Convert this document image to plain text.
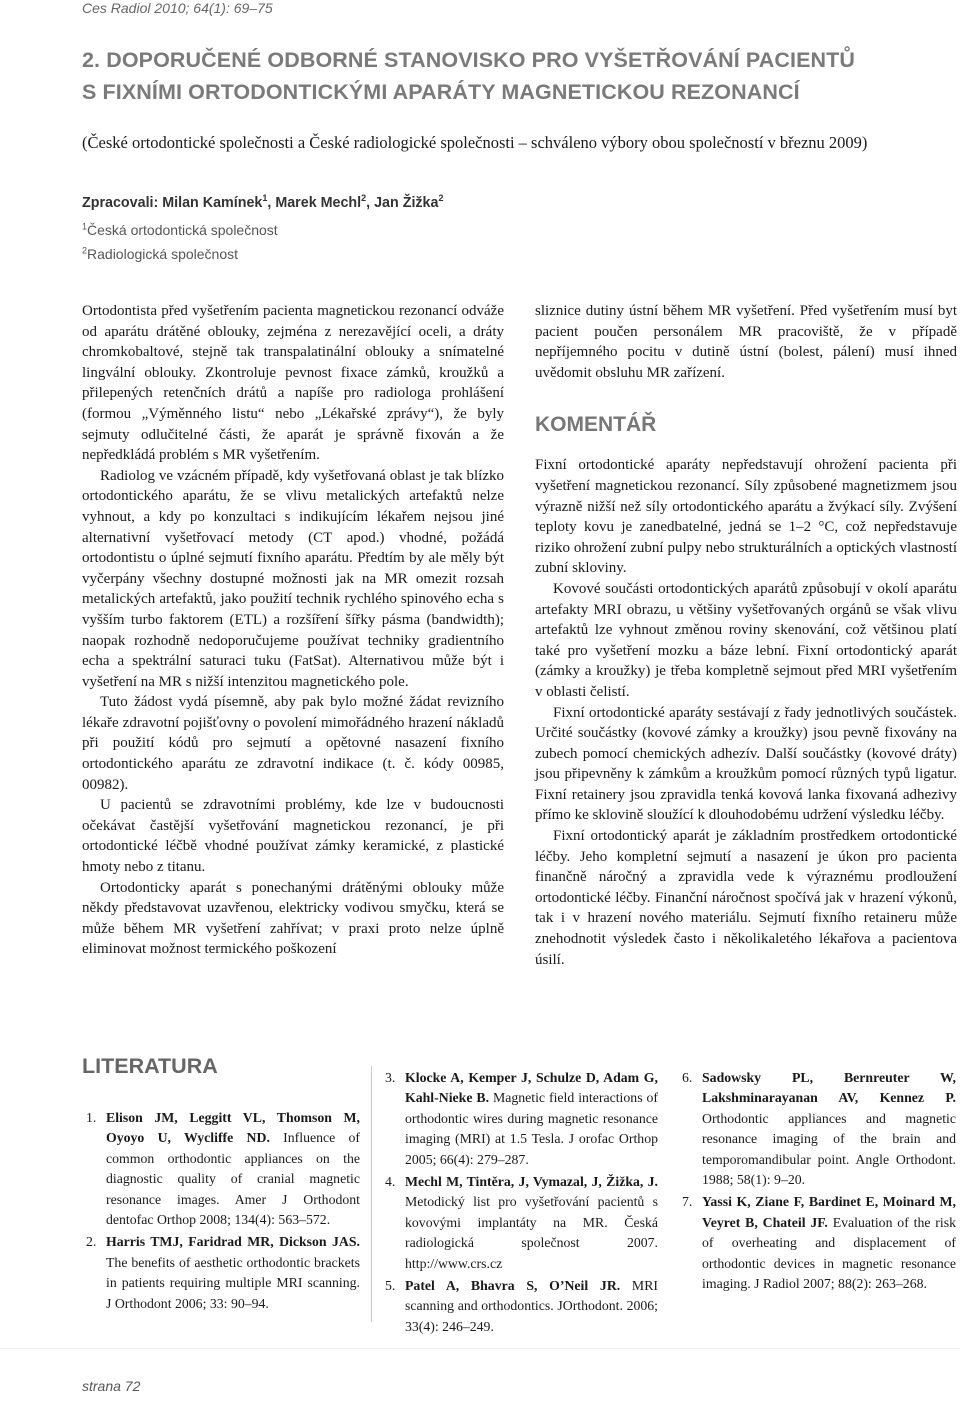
Ces Radiol 2010; 64(1): 69–75
2. DOPORUČENÉ ODBORNÉ STANOVISKO PRO VYŠETŘOVÁNÍ PACIENTŮ
S FIXNÍMI ORTODONTICKÝMI APARÁTY MAGNETICKOU REZONANCÍ
(České ortodontické společnosti a České radiologické společnosti – schváleno výbory obou společností v březnu 2009)
Zpracovali: Milan Kamínek$^1$, Marek Mechl$^2$, Jan Žižka$^2$
$^1$Česká ortodontická společnost
$^2$Radiologická společnost

Ortodontista před vyšetřením pacienta magnetickou rezonancí odváže od aparátu drátěné oblouky, zejména z nerezavějící oceli, a dráty chromkobaltové, stejně tak transpalatinální oblouky a snímatelné lingvální oblouky. Zkontroluje pevnost fixace zámků, kroužků a přilepených retenčních drátů a napíše pro radiologa prohlášení (formou „Výměnného listu“ nebo „Lékařské zprávy“), že byly sejmuty odlučitelné části, že aparát je správně fixován a že nepředkládá problém s MR vyšetřením.

Radiolog ve vzácném případě, kdy vyšetřovaná oblast je tak blízko ortodontického aparátu, že se vlivu metalických artefaktů nelze vyhnout, a kdy po konzultaci s indikujícím lékařem nejsou jiné alternativní vyšetřovací metody (CT apod.) vhodné, požádá ortodontistu o úplné sejmutí fixního aparátu. Předtím by ale měly být vyčerpány všechny dostupné možnosti jak na MR omezit rozsah metalických artefaktů, jako použití technik rychlého spinového echa s vyšším turbo faktorem (ETL) a rozšíření šířky pásma (bandwidth); naopak rozhodně nedoporučujeme používat techniky gradientního echa a spektrální saturaci tuku (FatSat). Alternativou může být i vyšetření na MR s nižší intenzitou magnetického pole.

Tuto žádost vydá písemně, aby pak bylo možné žádat revizního lékaře zdravotní pojišťovny o povolení mimořádného hrazení nákladů při použití kódů pro sejmutí a opětovné nasazení fixního ortodontického aparátu ze zdravotní indikace (t. č. kódy 00985, 00982).

U pacientů se zdravotními problémy, kde lze v budoucnosti očekávat častější vyšetřování magnetickou rezonancí, je při ortodontické léčbě vhodné používat zámky keramické, z plastické hmoty nebo z titanu.

Ortodonticky aparát s ponechanými drátěnými oblouky může někdy představovat uzavřenou, elektricky vodivou smyčku, která se může během MR vyšetření zahřívat; v praxi proto nelze úplně eliminovat možnost termického poškození

sliznice dutiny ústní během MR vyšetření. Před vyšetřením musí byt pacient poučen personálem MR pracoviště, že v případě nepříjemného pocitu v dutině ústní (bolest, pálení) musí ihned uvědomit obsluhu MR zařízení.

KOMENTÁŘ

Fixní ortodontické aparáty nepředstavují ohrožení pacienta při vyšetření magnetickou rezonancí. Síly způsobené magnetizmem jsou výrazně nižší než síly ortodontického aparátu a žvýkací síly. Zvýšení teploty kovu je zanedbatelné, jedná se 1–2 °C, což nepředstavuje riziko ohrožení zubní pulpy nebo strukturálních a optických vlastností zubní skloviny.

Kovové součásti ortodontických aparátů způsobují v okolí aparátu artefakty MRI obrazu, u většiny vyšetřovaných orgánů se však vlivu artefaktů lze vyhnout změnou roviny skenování, což většinou platí také pro vyšetření mozku a báze lební. Fixní ortodontický aparát (zámky a kroužky) je třeba kompletně sejmout před MRI vyšetřením v oblasti čelistí.

Fixní ortodontické aparáty sestávají z řady jednotlivých součástek. Určité součástky (kovové zámky a kroužky) jsou pevně fixovány na zubech pomocí chemických adhezív. Další součástky (kovové dráty) jsou připevněny k zámkům a kroužkům pomocí různých typů ligatur. Fixní retainery jsou zpravidla tenká kovová lanka fixovaná adhezivy přímo ke sklovině sloužící k dlouhodobému udržení výsledku léčby.

Fixní ortodontický aparát je základním prostředkem ortodontické léčby. Jeho kompletní sejmutí a nasazení je úkon pro pacienta finančně náročný a zpravidla vede k výraznému prodloužení ortodontické léčby. Finanční náročnost spočívá jak v hrazení výkonů, tak i v hrazení nového materiálu. Sejmutí fixního retaineru může znehodnotit výsledek často i několikaletého lékařova a pacientova úsilí.

LITERATURA
1. Elison JM, Leggitt VL, Thomson M, Oyoyo U, Wycliffe ND. Influence of common orthodontic appliances on the diagnostic quality of cranial magnetic resonance images. Amer J Orthodont dentofac Orthop 2008; 134(4): 563–572.
2. Harris TMJ, Faridrad MR, Dickson JAS. The benefits of aesthetic orthodontic brackets in patients requiring multiple MRI scanning. J Orthodont 2006; 33: 90–94.
3. Klocke A, Kemper J, Schulze D, Adam G, Kahl-Nieke B. Magnetic field interactions of orthodontic wires during magnetic resonance imaging (MRI) at 1.5 Tesla. J orofac Orthop 2005; 66(4): 279–287.
4. Mechl M, Tintěra, J, Vymazal, J, Žižka, J. Metodický list pro vyšetřování pacientů s kovovými implantáty na MR. Česká radiologická společnost 2007. http://www.crs.cz
5. Patel A, Bhavra S, O’Neil JR. MRI scanning and orthodontics. JOrthodont. 2006; 33(4): 246–249.
6. Sadowsky PL, Bernreuter W, Lakshminarayanan AV, Kennez P. Orthodontic appliances and magnetic resonance imaging of the brain and temporomandibular point. Angle Orthodont. 1988; 58(1): 9–20.
7. Yassi K, Ziane F, Bardinet E, Moinard M, Veyret B, Chateil JF. Evaluation of the risk of overheating and displacement of orthodontic devices in magnetic resonance imaging. J Radiol 2007; 88(2): 263–268.
strana 72
